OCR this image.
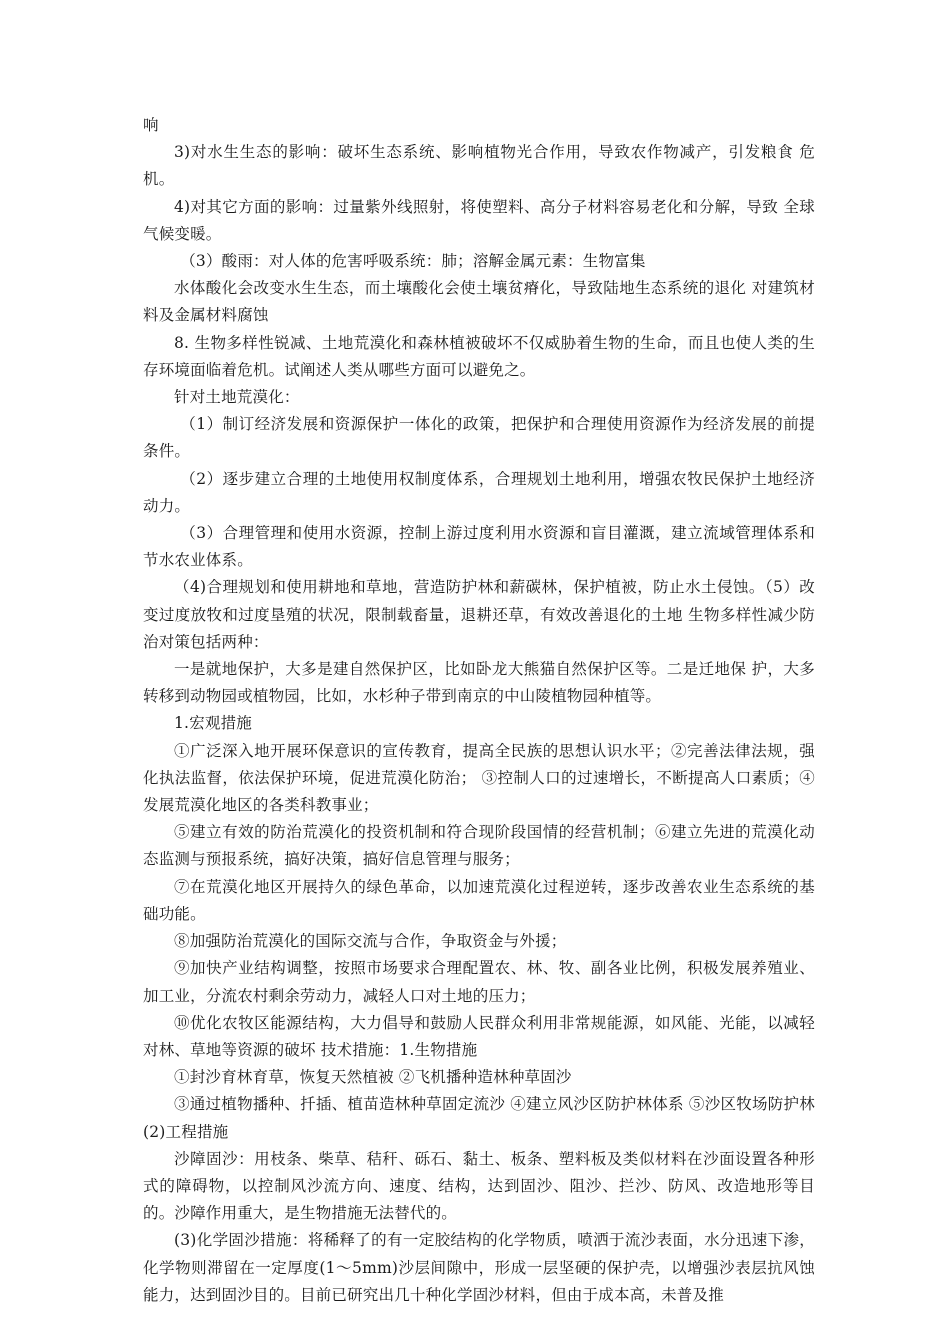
响

3)对水生生态的影响：破坏生态系统、影响植物光合作用，导致农作物减产，引发粮食 危机。

4)对其它方面的影响：过量紫外线照射，将使塑料、高分子材料容易老化和分解，导致 全球气候变暖。

（3）酸雨：对人体的危害呼吸系统：肺；溶解金属元素：生物富集

水体酸化会改变水生生态，而土壤酸化会使土壤贫瘠化，导致陆地生态系统的退化 对建筑材料及金属材料腐蚀

8. 生物多样性锐减、土地荒漠化和森林植被破坏不仅威胁着生物的生命，而且也使人类的生存环境面临着危机。试阐述人类从哪些方面可以避免之。

针对土地荒漠化：

（1）制订经济发展和资源保护一体化的政策，把保护和合理使用资源作为经济发展的前提条件。

（2）逐步建立合理的土地使用权制度体系，合理规划土地利用，增强农牧民保护土地经济动力。

（3）合理管理和使用水资源，控制上游过度利用水资源和盲目灌溉，建立流域管理体系和节水农业体系。

（4)合理规划和使用耕地和草地，营造防护林和薪碳林，保护植被，防止水土侵蚀。（5）改变过度放牧和过度垦殖的状况，限制载畜量，退耕还草，有效改善退化的土地 生物多样性减少防治对策包括两种：

一是就地保护，大多是建自然保护区，比如卧龙大熊猫自然保护区等。二是迁地保 护，大多转移到动物园或植物园，比如，水杉种子带到南京的中山陵植物园种植等。

1.宏观措施

①广泛深入地开展环保意识的宣传教育，提高全民族的思想认识水平；②完善法律法规，强化执法监督，依法保护环境，促进荒漠化防治； ③控制人口的过速增长，不断提高人口素质；④发展荒漠化地区的各类科教事业；

⑤建立有效的防治荒漠化的投资机制和符合现阶段国情的经营机制；⑥建立先进的荒漠化动态监测与预报系统，搞好决策，搞好信息管理与服务；

⑦在荒漠化地区开展持久的绿色革命，以加速荒漠化过程逆转，逐步改善农业生态系统的基础功能。

⑧加强防治荒漠化的国际交流与合作，争取资金与外援；

⑨加快产业结构调整，按照市场要求合理配置农、林、牧、副各业比例，积极发展养殖业、加工业，分流农村剩余劳动力，减轻人口对土地的压力；

⑩优化农牧区能源结构，大力倡导和鼓励人民群众利用非常规能源，如风能、光能，以减轻对林、草地等资源的破坏 技术措施：1.生物措施

①封沙育林育草，恢复天然植被 ②飞机播种造林种草固沙

③通过植物播种、扦插、植苗造林种草固定流沙 ④建立风沙区防护林体系 ⑤沙区牧场防护林 (2)工程措施

沙障固沙：用枝条、柴草、秸秆、砾石、黏土、板条、塑料板及类似材料在沙面设置各种形式的障碍物，以控制风沙流方向、速度、结构，达到固沙、阻沙、拦沙、防风、改造地形等目的。沙障作用重大，是生物措施无法替代的。

(3)化学固沙措施：将稀释了的有一定胶结构的化学物质，喷洒于流沙表面，水分迅速下渗，化学物则滞留在一定厚度(1～5mm)沙层间隙中，形成一层坚硬的保护壳，以增强沙表层抗风蚀能力，达到固沙目的。目前已研究出几十种化学固沙材料，但由于成本高，未普及推
